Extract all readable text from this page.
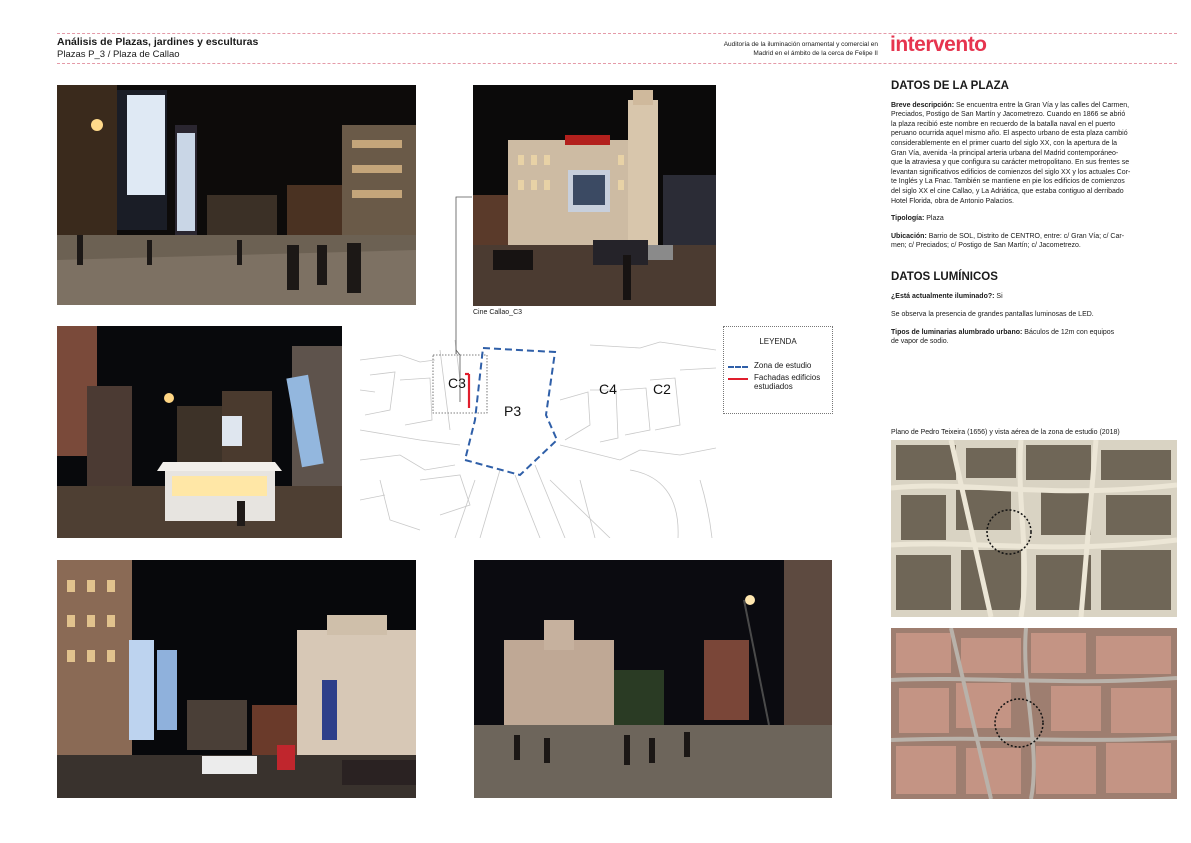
Análisis de Plazas, jardines y esculturas
Plazas P_3 / Plaza de Callao
Auditoría de la iluminación ornamental y comercial en
Madrid en el ámbito de la cerca de Felipe II intervento
Cine Callao_C3
C3
P3
C4	C2
LEYENDA
Zona de estudio
Fachadas edificios
estudiados
DATOS DE LA PLAZA
Breve descripción: Se encuentra entre la Gran Vía y las calles del Carmen,
Preciados, Postigo de San Martín y Jacometrezo. Cuando en 1866 se abrió
la plaza recibió este nombre en recuerdo de la batalla naval en el puerto
peruano ocurrida aquel mismo año. El aspecto urbano de esta plaza cambió
considerablemente en el primer cuarto del siglo XX, con la apertura de la
Gran Vía, avenida -la principal arteria urbana del Madrid contemporáneo-
que la atraviesa y que configura su carácter metropolitano. En sus frentes se
levantan significativos edificios de comienzos del siglo XX y los actuales Cor-
te Inglés y La Fnac. También se mantiene en pie los edificios de comienzos
del siglo XX el cine Callao, y La Adriática, que estaba contiguo al derribado
Hotel Florida, obra de Antonio Palacios.
Tipología: Plaza
Ubicación: Barrio de SOL, Distrito de CENTRO, entre: c/ Gran Vía; c/ Car-
men; c/ Preciados; c/ Postigo de San Martín; c/ Jacometrezo.
DATOS LUMÍNICOS
¿Está actualmente iluminado?: Si
Se observa la presencia de grandes pantallas luminosas de LED.
Tipos de luminarias alumbrado urbano: Báculos de 12m con equipos
de vapor de sodio.
Plano de Pedro Teixeira (1656) y vista aérea de la zona de estudio (2018)
